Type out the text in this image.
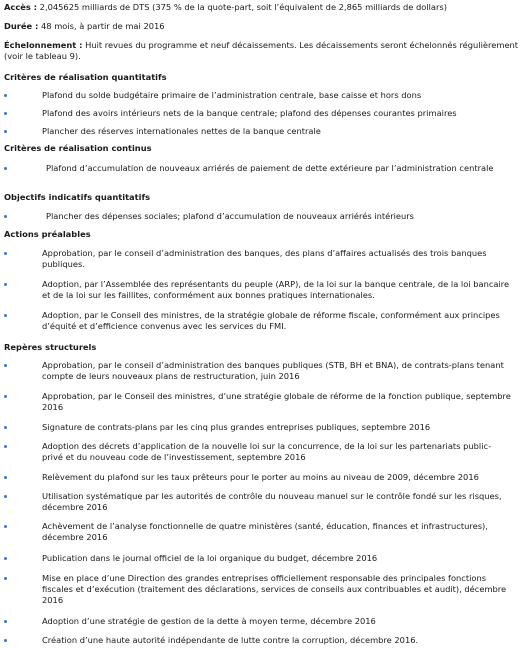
Accès : 2,045625 milliards de DTS (375 % de la quote-part, soit l’équivalent de 2,865 milliards de dollars)

Durée : 48 mois, à partir de mai 2016

Échelonnement : Huit revues du programme et neuf décaissements. Les décaissements seront échelonnés régulièrement (voir le tableau 9).

Critères de réalisation quantitatifs
Plafond du solde budgétaire primaire de l’administration centrale, base caisse et hors dons
Plafond des avoirs intérieurs nets de la banque centrale; plafond des dépenses courantes primaires
Plancher des réserves internationales nettes de la banque centrale
Critères de réalisation continus
Plafond d’accumulation de nouveaux arriérés de paiement de dette extérieure par l’administration centrale
Objectifs indicatifs quantitatifs
Plancher des dépenses sociales; plafond d’accumulation de nouveaux arriérés intérieurs
Actions préalables
Approbation, par le conseil d’administration des banques, des plans d’affaires actualisés des trois banques publiques.
Adoption, par l’Assemblée des représentants du peuple (ARP), de la loi sur la banque centrale, de la loi bancaire et de la loi sur les faillites, conformément aux bonnes pratiques internationales.
Adoption, par le Conseil des ministres, de la stratégie globale de réforme fiscale, conformément aux principes d’équité et d’efficience convenus avec les services du FMI.
Repères structurels
Approbation, par le conseil d’administration des banques publiques (STB, BH et BNA), de contrats-plans tenant compte de leurs nouveaux plans de restructuration, juin 2016
Approbation, par le Conseil des ministres, d’une stratégie globale de réforme de la fonction publique, septembre 2016
Signature de contrats-plans par les cinq plus grandes entreprises publiques, septembre 2016
Adoption des décrets d’application de la nouvelle loi sur la concurrence, de la loi sur les partenariats public-privé et du nouveau code de l’investissement, septembre 2016
Relèvement du plafond sur les taux prêteurs pour le porter au moins au niveau de 2009, décembre 2016
Utilisation systématique par les autorités de contrôle du nouveau manuel sur le contrôle fondé sur les risques, décembre 2016
Achèvement de l’analyse fonctionnelle de quatre ministères (santé, éducation, finances et infrastructures), décembre 2016
Publication dans le journal officiel de la loi organique du budget, décembre 2016
Mise en place d’une Direction des grandes entreprises officiellement responsable des principales fonctions fiscales et d’exécution (traitement des déclarations, services de conseils aux contribuables et audit), décembre 2016
Adoption d’une stratégie de gestion de la dette à moyen terme, décembre 2016
Création d’une haute autorité indépendante de lutte contre la corruption, décembre 2016.
